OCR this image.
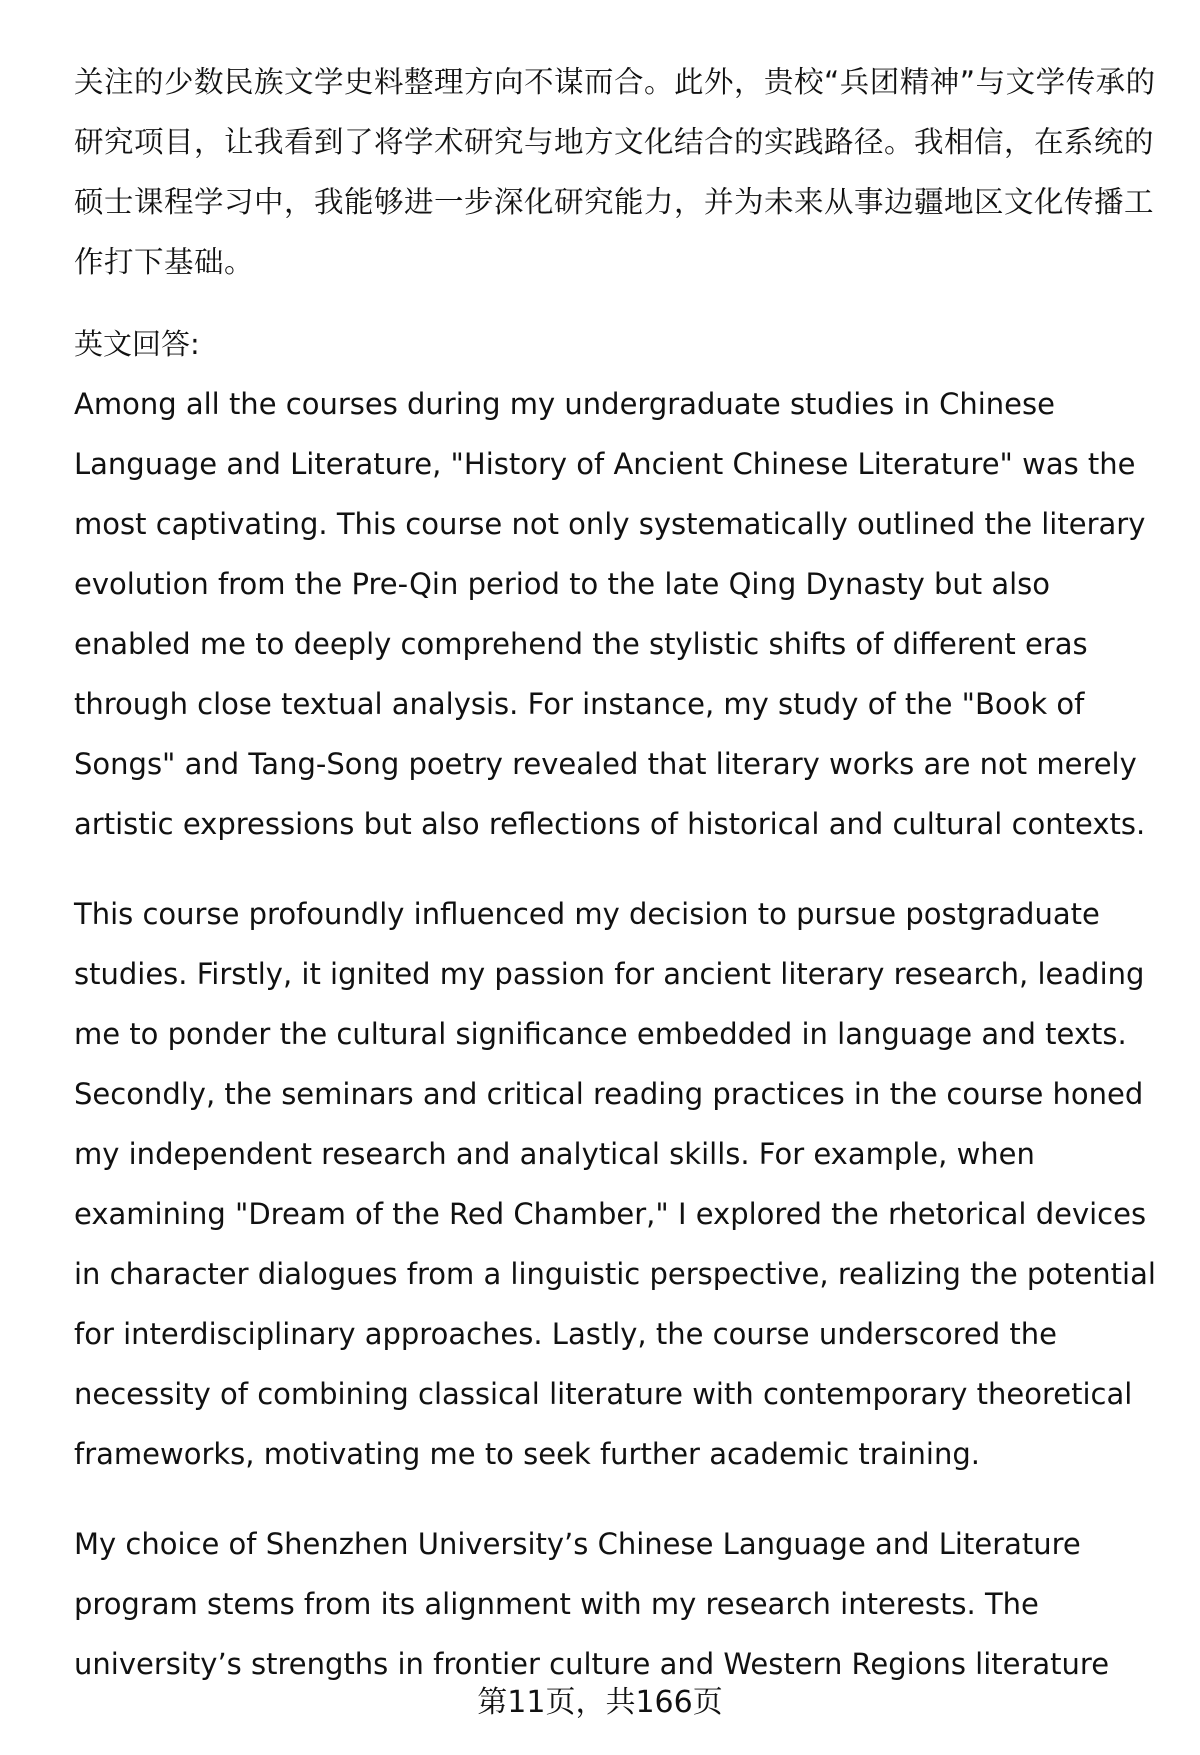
关注的少数民族文学史料整理方向不谋而合。此外，贵校“兵团精神”与文学传承的研究项目，让我看到了将学术研究与地方文化结合的实践路径。我相信，在系统的硕士课程学习中，我能够进一步深化研究能力，并为未来从事边疆地区文化传播工作打下基础。

英文回答:

Among all the courses during my undergraduate studies in Chinese Language and Literature, "History of Ancient Chinese Literature" was the most captivating. This course not only systematically outlined the literary evolution from the Pre-Qin period to the late Qing Dynasty but also enabled me to deeply comprehend the stylistic shifts of different eras through close textual analysis. For instance, my study of the "Book of Songs" and Tang-Song poetry revealed that literary works are not merely artistic expressions but also reflections of historical and cultural contexts.

This course profoundly influenced my decision to pursue postgraduate studies. Firstly, it ignited my passion for ancient literary research, leading me to ponder the cultural significance embedded in language and texts. Secondly, the seminars and critical reading practices in the course honed my independent research and analytical skills. For example, when examining "Dream of the Red Chamber," I explored the rhetorical devices in character dialogues from a linguistic perspective, realizing the potential for interdisciplinary approaches. Lastly, the course underscored the necessity of combining classical literature with contemporary theoretical frameworks, motivating me to seek further academic training.

My choice of Shenzhen University’s Chinese Language and Literature program stems from its alignment with my research interests. The university’s strengths in frontier culture and Western Regions literature

第11页，共166页
